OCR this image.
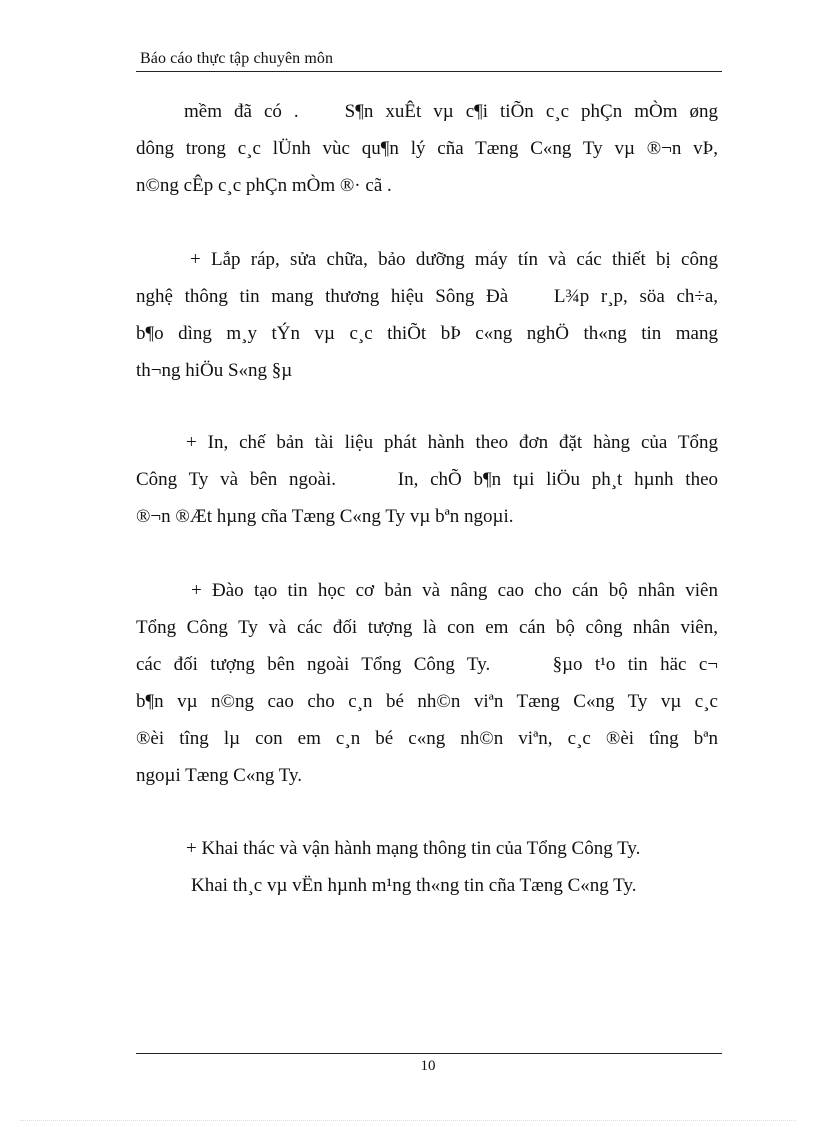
Báo cáo thực tập chuyên môn
mềm đã có . S¶n xuÊt vµ c¶i tiÕn c¸c phÇn mÒm øng
dông trong c¸c lÜnh vùc qu¶n lý cña Tæng C«ng Ty vµ ®¬n vÞ,
n©ng cÊp c¸c phÇn mÒm ®· cã .
+ Lắp ráp, sửa chữa, bảo dưỡng máy tín và các thiết bị công
nghệ thông tin mang thương hiệu Sông Đà L¾p r¸p, söa ch÷a,
b¶o dìng m¸y tÝn vµ c¸c thiÕt bÞ c«ng nghÖ th«ng tin mang
th¬ng hiÖu S«ng §µ
+ In, chế bản tài liệu phát hành theo đơn đặt hàng của Tổng
Công Ty và bên ngoài.	In, chÕ b¶n tµi liÖu ph¸t hµnh theo
®¬n ®Æt hµng cña Tæng C«ng Ty vµ bªn ngoµi.
+ Đào tạo tin học cơ bản và nâng cao cho cán bộ nhân viên
Tổng Công Ty và các đối tượng là con em cán bộ công nhân viên,
các đối tượng bên ngoài Tổng Công Ty.	§µo t¹o tin häc c¬
b¶n vµ n©ng cao cho c¸n bé nh©n viªn Tæng C«ng Ty vµ c¸c
®èi tîng lµ con em c¸n bé c«ng nh©n viªn, c¸c ®èi tîng bªn
ngoµi Tæng C«ng Ty.
+ Khai thác và vận hành mạng thông tin của Tổng Công Ty.
Khai th¸c vµ vËn hµnh m¹ng th«ng tin cña Tæng C«ng Ty.
10
